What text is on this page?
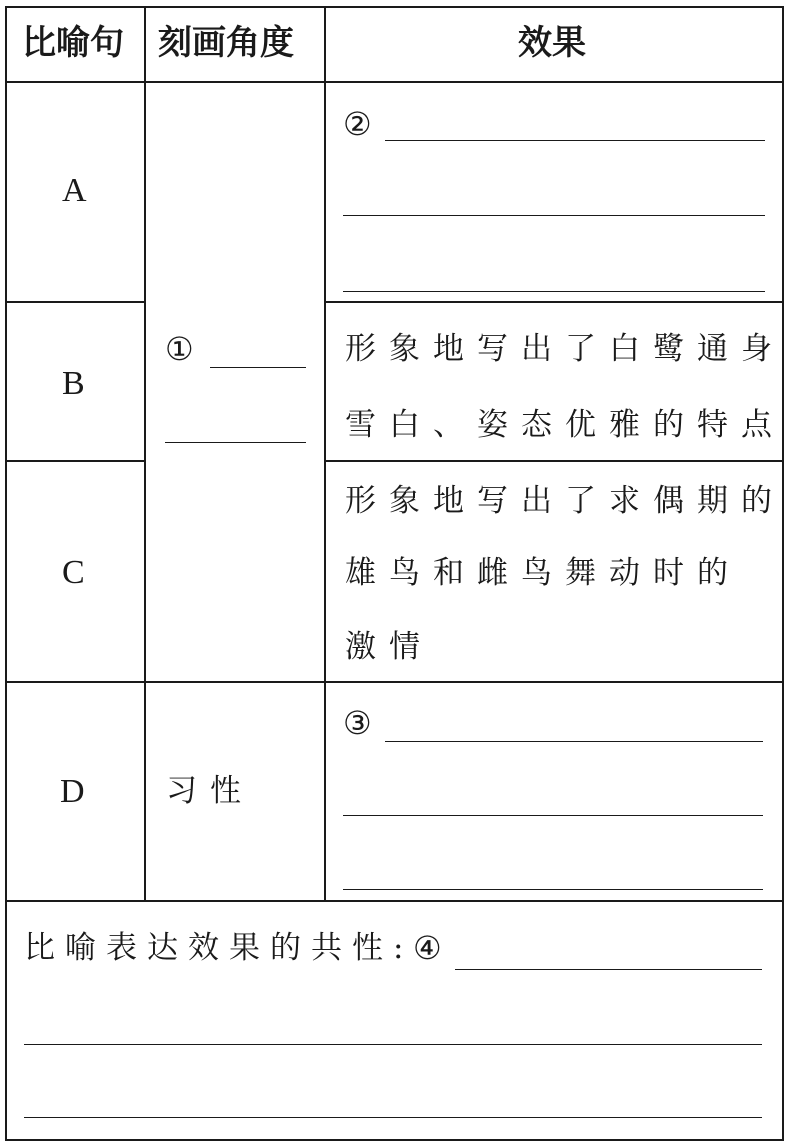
比喻句 刻画角度	效果
A
②
①
B
形象地写出了白鹭通身
雪白、姿态优雅的特点
C
形象地写出了求偶期的
雄鸟和雌鸟舞动时的
激情
D	习性
③
比喻表达效果的共性: ④
